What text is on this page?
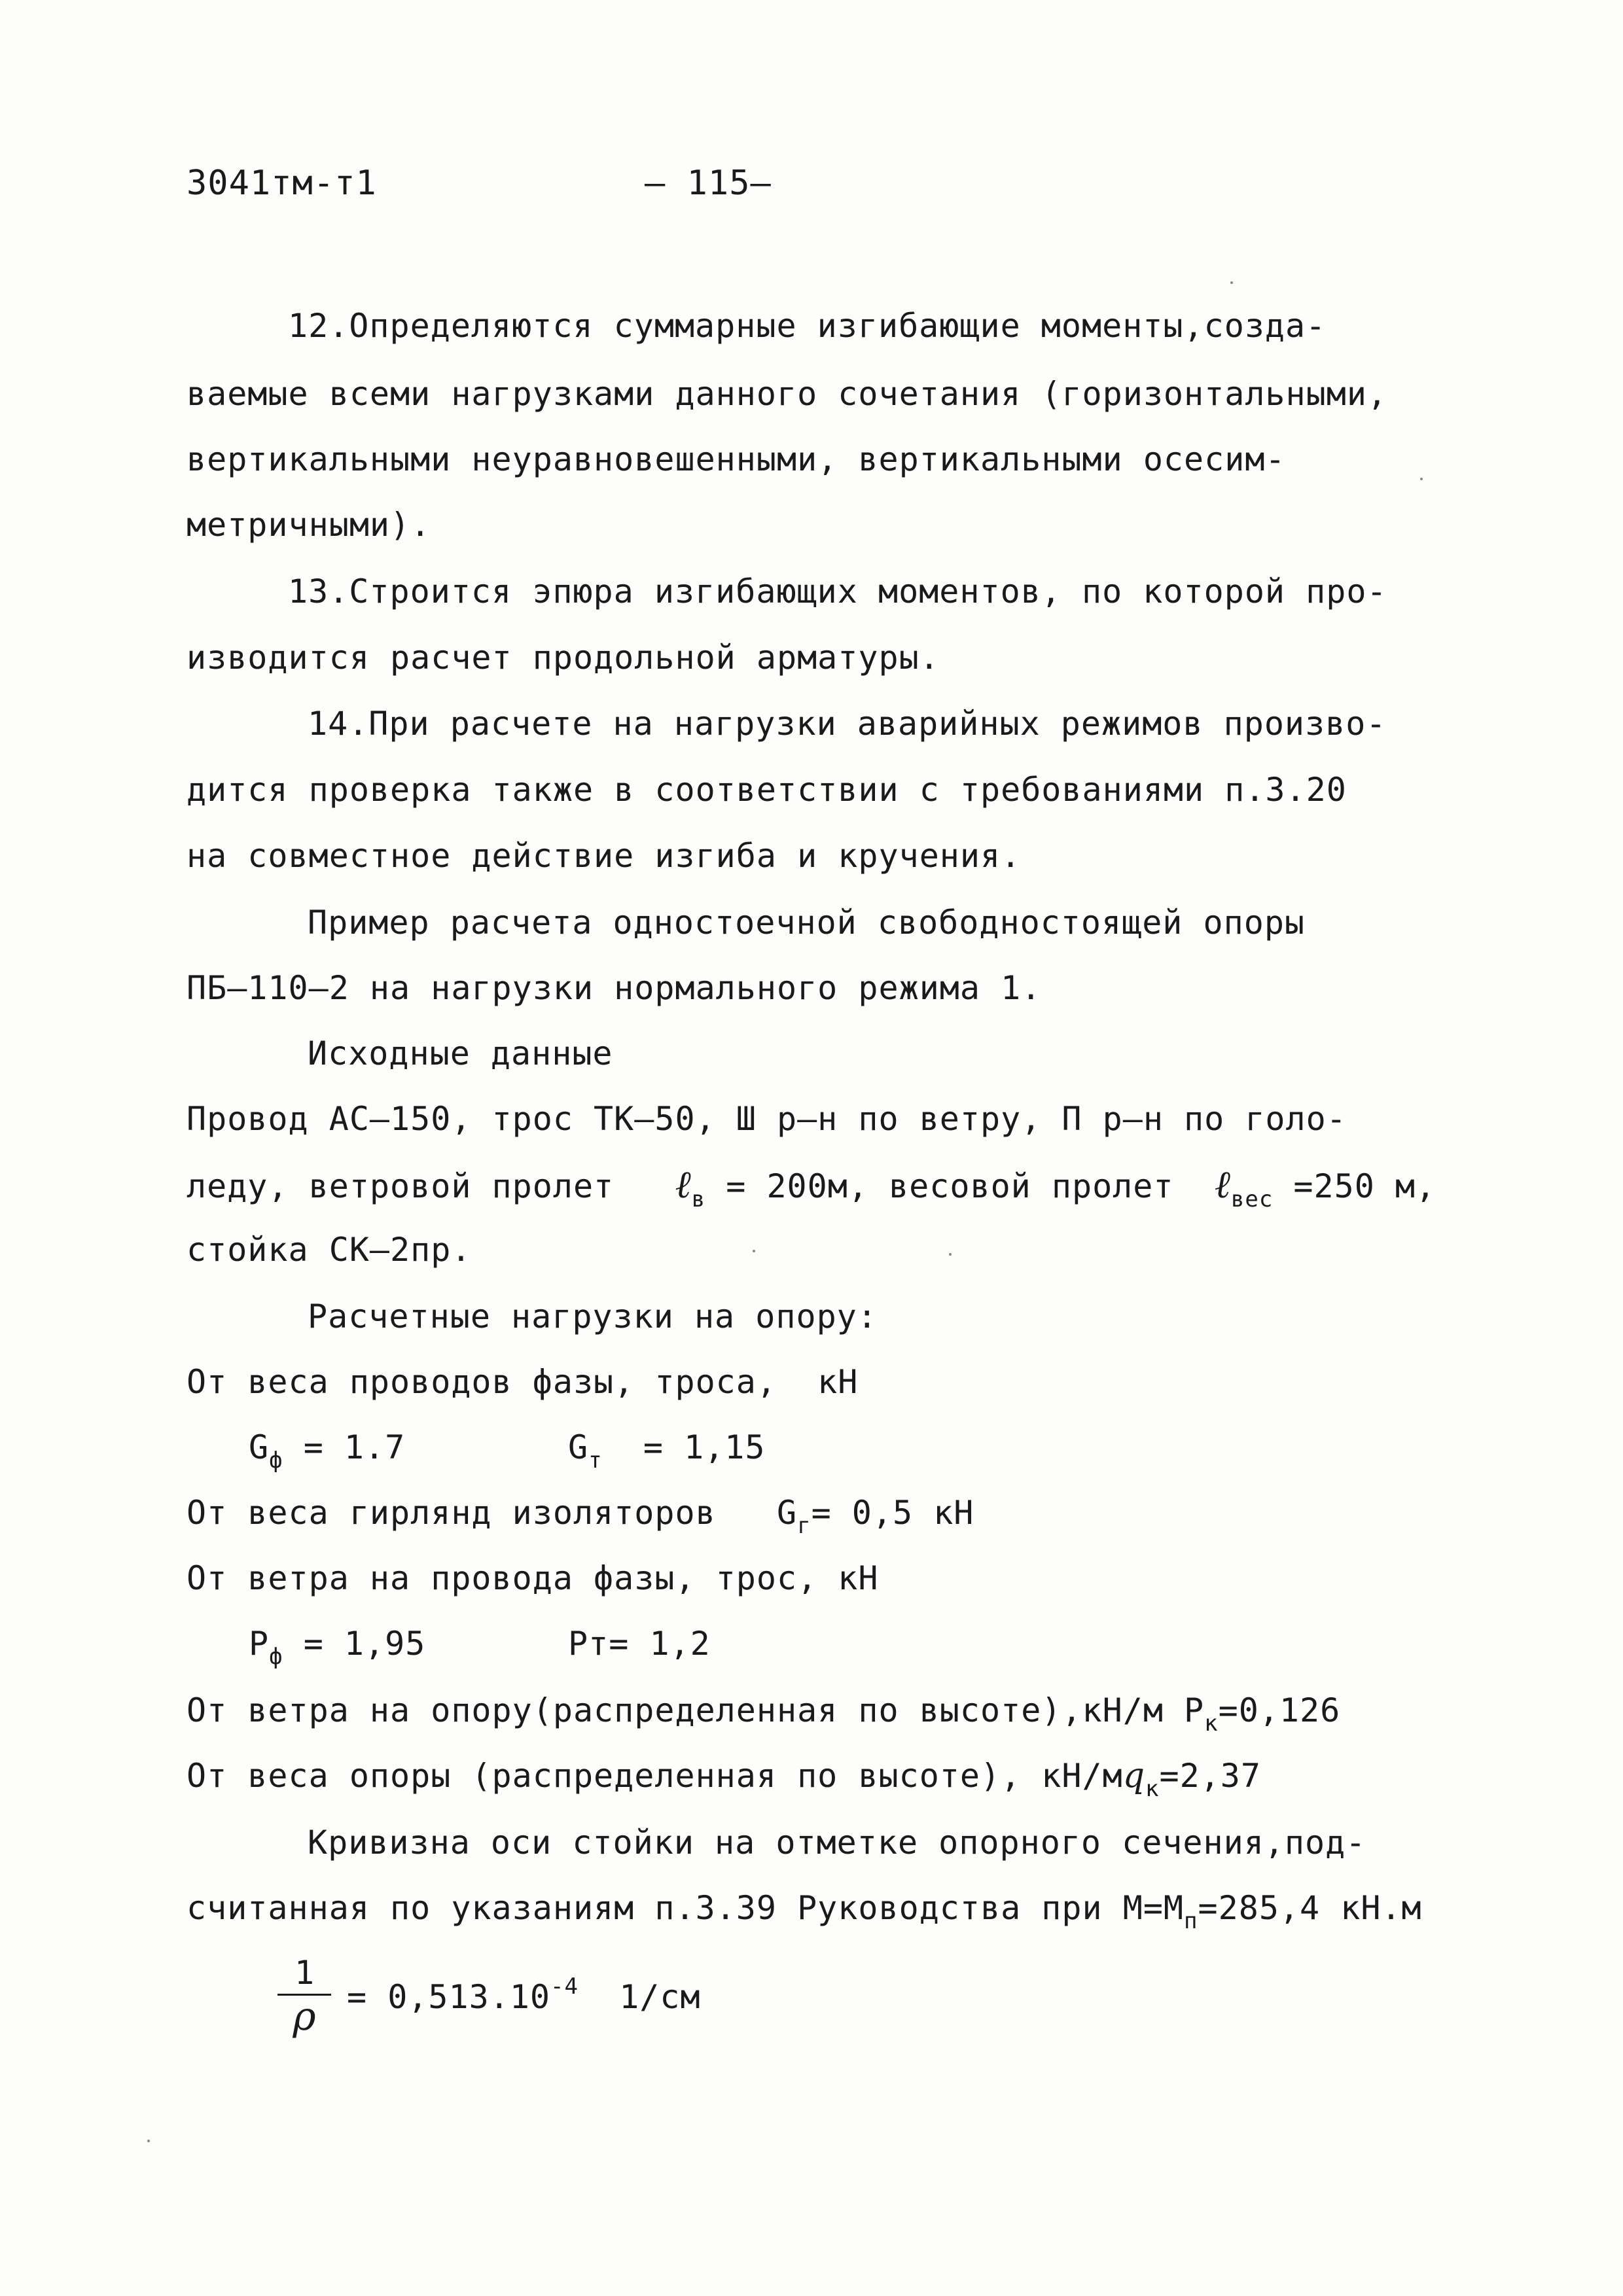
3041тм-т1	– 115–
12.Определяются суммарные изгибающие моменты,созда-
ваемые всеми нагрузками данного сочетания (горизонтальными,
вертикальными неуравновешенными, вертикальными осесим-
метричными).
13.Строится эпюра изгибающих моментов, по которой про-
изводится расчет продольной арматуры.
14.При расчете на нагрузки аварийных режимов произво-
дится проверка также в соответствии с требованиями п.3.20
на совместное действие изгиба и кручения.
Пример расчета одностоечной свободностоящей опоры
ПБ–110–2 на нагрузки нормального режима 1.
Исходные данные
Провод АС–150, трос ТК–50, Ш р–н по ветру, П р–н по голо-
леду, ветровой пролет ℓ$_в$ = 200м, весовой пролет ℓ$_{вес}$ =250 м,
стойка СК–2пр.
Расчетные нагрузки на опору:
От веса проводов фазы, троса,  кН
$G_ф = 1.7$	$G_т = 1,15$
От веса гирлянд изоляторов $G_г= 0,5$ кН
От ветра на провода фазы, трос, кН
$P_ф = 1,95$	Рт= 1,2
От ветра на опору(распределенная по высоте),кН/м $Р_к=0,126$
От веса опоры (распределенная по высоте), $кН/мq_к=2,37$
Кривизна оси стойки на отметке опорного сечения,под-
считанная по указаниям п.3.39 Руководства при $М=М_п=285,4$ кН.м
1
$\rho = 0,513.10^{-4}$ 1/см
